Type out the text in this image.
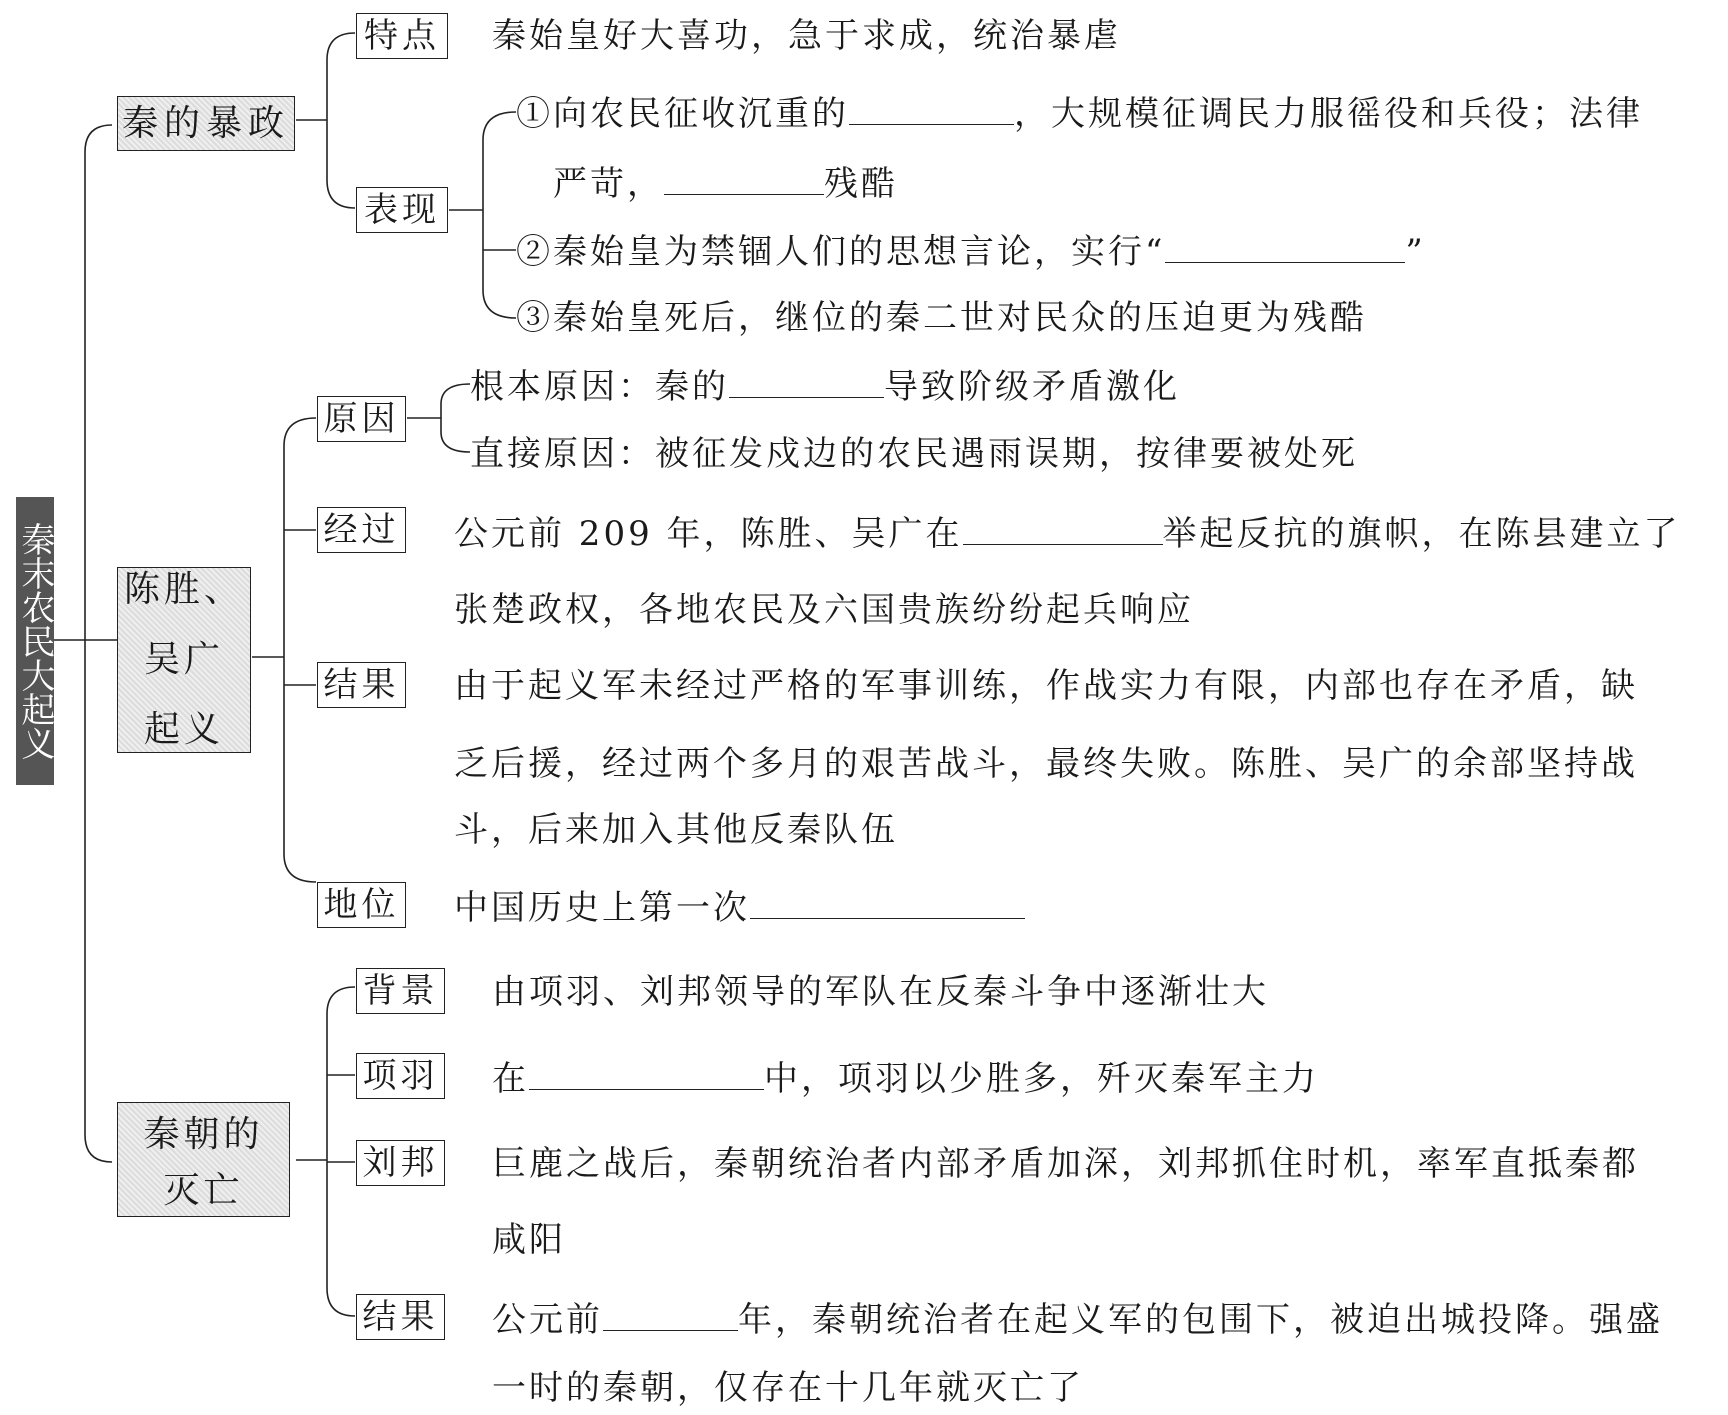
秦末农民大起义
秦的暴政
特点 秦始皇好大喜功，急于求成，统治暴虐
表现
①向农民征收沉重的	，大规模征调民力服徭役和兵役；法律
严苛，	残酷
②秦始皇为禁锢人们的思想言论，实行“	”
③秦始皇死后，继位的秦二世对民众的压迫更为残酷
陈胜、
吴广
起义
原因
根本原因：秦的	导致阶级矛盾激化
直接原因：被征发戍边的农民遇雨误期，按律要被处死
经过 公元前 209 年，陈胜、吴广在	举起反抗的旗帜，在陈县建立了
张楚政权，各地农民及六国贵族纷纷起兵响应
结果 由于起义军未经过严格的军事训练，作战实力有限，内部也存在矛盾，缺
乏后援，经过两个多月的艰苦战斗，最终失败。陈胜、吴广的余部坚持战
斗，后来加入其他反秦队伍
地位 中国历史上第一次
秦朝的
灭亡
背景 由项羽、刘邦领导的军队在反秦斗争中逐渐壮大
项羽 在	中，项羽以少胜多，歼灭秦军主力
刘邦 巨鹿之战后，秦朝统治者内部矛盾加深，刘邦抓住时机，率军直抵秦都
咸阳
结果 公元前	年，秦朝统治者在起义军的包围下，被迫出城投降。强盛
一时的秦朝，仅存在十几年就灭亡了
